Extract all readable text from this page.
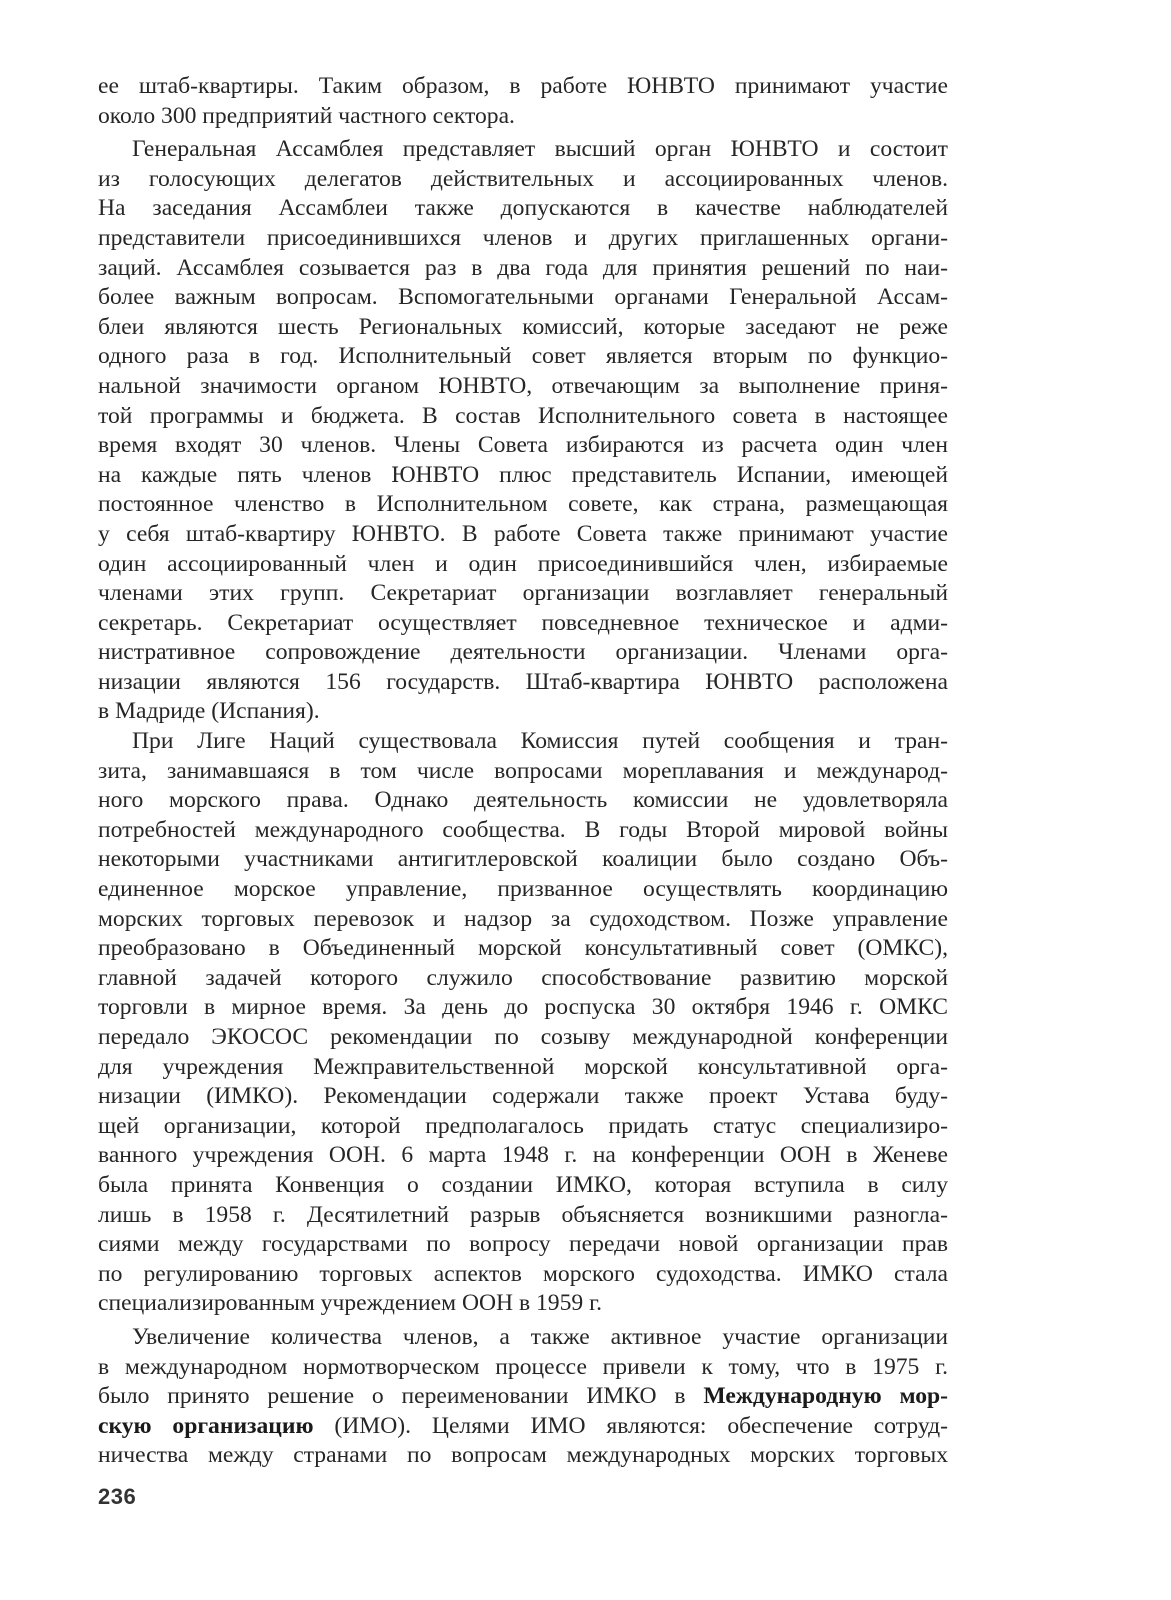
ее штаб-квартиры. Таким образом, в работе ЮНВТО принимают участие
около 300 предприятий частного сектора.

Генеральная Ассамблея представляет высший орган ЮНВТО и состоит
из голосующих делегатов действительных и ассоциированных членов.
На заседания Ассамблеи также допускаются в качестве наблюдателей
представители присоединившихся членов и других приглашенных органи-
заций. Ассамблея созывается раз в два года для принятия решений по наи-
более важным вопросам. Вспомогательными органами Генеральной Ассам-
блеи являются шесть Региональных комиссий, которые заседают не реже
одного раза в год. Исполнительный совет является вторым по функцио-
нальной значимости органом ЮНВТО, отвечающим за выполнение приня-
той программы и бюджета. В состав Исполнительного совета в настоящее
время входят 30 членов. Члены Совета избираются из расчета один член
на каждые пять членов ЮНВТО плюс представитель Испании, имеющей
постоянное членство в Исполнительном совете, как страна, размещающая
у себя штаб-квартиру ЮНВТО. В работе Совета также принимают участие
один ассоциированный член и один присоединившийся член, избираемые
членами этих групп. Секретариат организации возглавляет генеральный
секретарь. Секретариат осуществляет повседневное техническое и адми-
нистративное сопровождение деятельности организации. Членами орга-
низации являются 156 государств. Штаб-квартира ЮНВТО расположена
в Мадриде (Испания).

При Лиге Наций существовала Комиссия путей сообщения и тран-
зита, занимавшаяся в том числе вопросами мореплавания и международ-
ного морского права. Однако деятельность комиссии не удовлетворяла
потребностей международного сообщества. В годы Второй мировой войны
некоторыми участниками антигитлеровской коалиции было создано Объ-
единенное морское управление, призванное осуществлять координацию
морских торговых перевозок и надзор за судоходством. Позже управление
преобразовано в Объединенный морской консультативный совет (ОМКС),
главной задачей которого служило способствование развитию морской
торговли в мирное время. За день до роспуска 30 октября 1946 г. ОМКС
передало ЭКОСОС рекомендации по созыву международной конференции
для учреждения Межправительственной морской консультативной орга-
низации (ИМКО). Рекомендации содержали также проект Устава буду-
щей организации, которой предполагалось придать статус специализиро-
ванного учреждения ООН. 6 марта 1948 г. на конференции ООН в Женеве
была принята Конвенция о создании ИМКО, которая вступила в силу
лишь в 1958 г. Десятилетний разрыв объясняется возникшими разногла-
сиями между государствами по вопросу передачи новой организации прав
по регулированию торговых аспектов морского судоходства. ИМКО стала
специализированным учреждением ООН в 1959 г.

Увеличение количества членов, а также активное участие организации
в международном нормотворческом процессе привели к тому, что в 1975 г.
было принято решение о переименовании ИМКО в Международную мор-
скую организацию (ИМО). Целями ИМО являются: обеспечение сотруд-
ничества между странами по вопросам международных морских торговых

236
